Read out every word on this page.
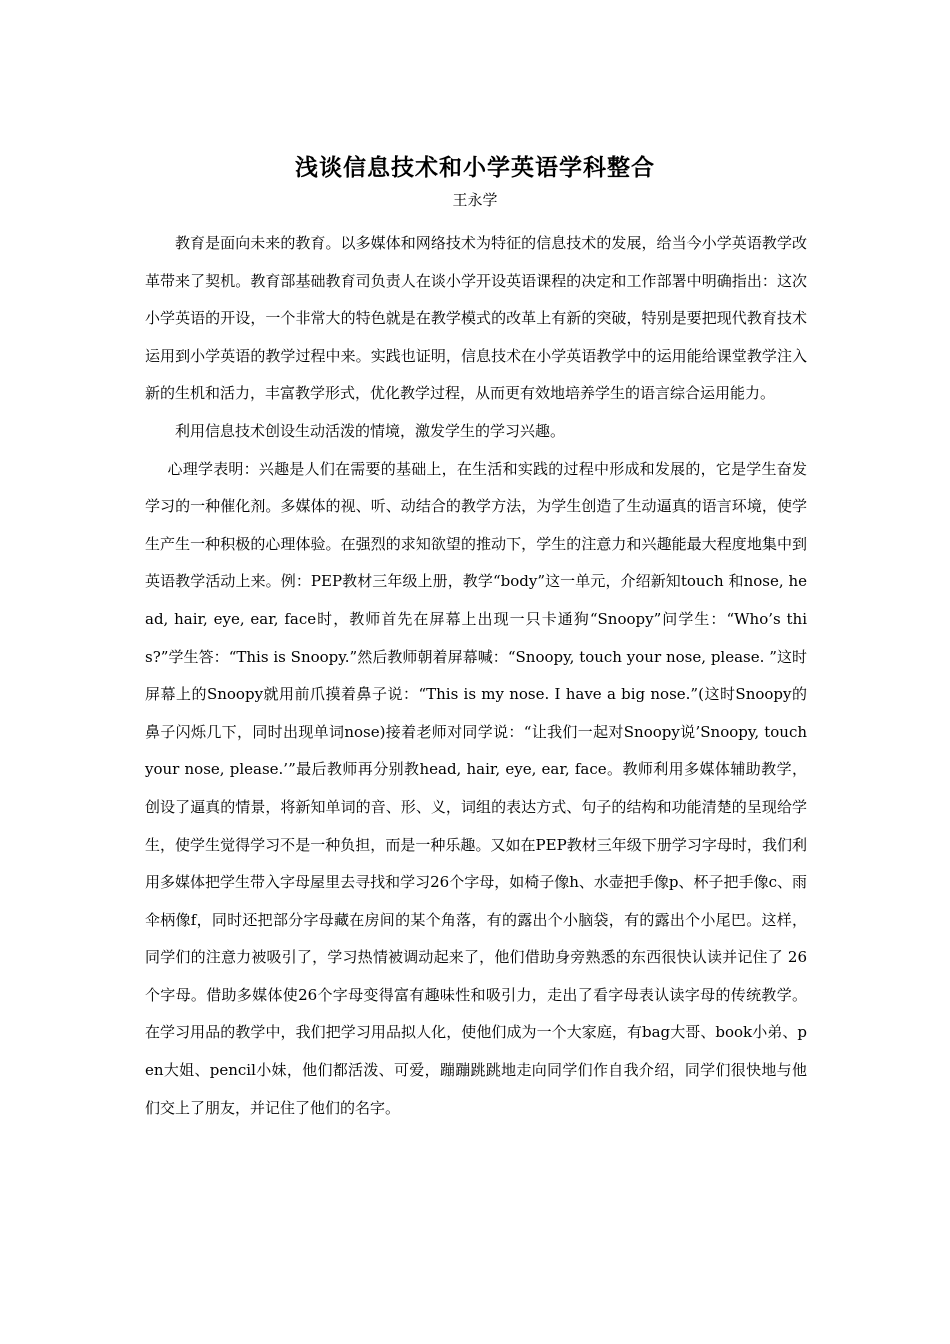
浅谈信息技术和小学英语学科整合
王永学

教育是面向未来的教育。以多媒体和网络技术为特征的信息技术的发展，给当今小学英语教学改革带来了契机。教育部基础教育司负责人在谈小学开设英语课程的决定和工作部署中明确指出：这次小学英语的开设，一个非常大的特色就是在教学模式的改革上有新的突破，特别是要把现代教育技术运用到小学英语的教学过程中来。实践也证明，信息技术在小学英语教学中的运用能给课堂教学注入新的生机和活力，丰富教学形式，优化教学过程，从而更有效地培养学生的语言综合运用能力。

利用信息技术创设生动活泼的情境，激发学生的学习兴趣。

心理学表明：兴趣是人们在需要的基础上，在生活和实践的过程中形成和发展的，它是学生奋发学习的一种催化剂。多媒体的视、听、动结合的教学方法，为学生创造了生动逼真的语言环境，使学生产生一种积极的心理体验。在强烈的求知欲望的推动下，学生的注意力和兴趣能最大程度地集中到英语教学活动上来。例：PEP教材三年级上册，教学“body”这一单元，介绍新知touch 和nose, head, hair, eye, ear, face时，教师首先在屏幕上出现一只卡通狗“Snoopy”问学生：“Who’s this?”学生答：“This is Snoopy.”然后教师朝着屏幕喊：“Snoopy, touch your nose, please. ”这时屏幕上的Snoopy就用前爪摸着鼻子说：“This is my nose. I have a big nose.”(这时Snoopy的鼻子闪烁几下，同时出现单词nose)接着老师对同学说：“让我们一起对Snoopy说’Snoopy, touch your nose, please.’”最后教师再分别教head, hair, eye, ear, face。教师利用多媒体辅助教学，创设了逼真的情景，将新知单词的音、形、义，词组的表达方式、句子的结构和功能清楚的呈现给学生，使学生觉得学习不是一种负担，而是一种乐趣。又如在PEP教材三年级下册学习字母时，我们利用多媒体把学生带入字母屋里去寻找和学习26个字母，如椅子像h、水壶把手像p、杯子把手像c、雨伞柄像f，同时还把部分字母藏在房间的某个角落，有的露出个小脑袋，有的露出个小尾巴。这样，同学们的注意力被吸引了，学习热情被调动起来了，他们借助身旁熟悉的东西很快认读并记住了 26个字母。借助多媒体使26个字母变得富有趣味性和吸引力，走出了看字母表认读字母的传统教学。在学习用品的教学中，我们把学习用品拟人化，使他们成为一个大家庭，有bag大哥、book小弟、pen大姐、pencil小妹，他们都活泼、可爱，蹦蹦跳跳地走向同学们作自我介绍，同学们很快地与他们交上了朋友，并记住了他们的名字。
